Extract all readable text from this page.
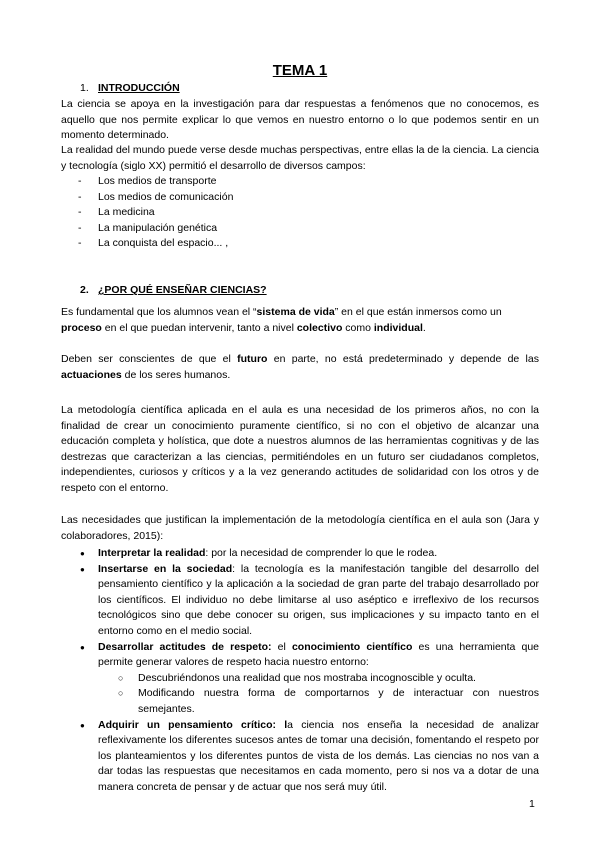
TEMA 1
1. INTRODUCCIÓN

La ciencia se apoya en la investigación para dar respuestas a fenómenos que no conocemos, es aquello que nos permite explicar lo que vemos en nuestro entorno o lo que podemos sentir en un momento determinado.

La realidad del mundo puede verse desde muchas perspectivas, entre ellas la de la ciencia. La ciencia y tecnología (siglo XX) permitió el desarrollo de diversos campos:

- Los medios de transporte
- Los medios de comunicación
- La medicina
- La manipulación genética
- La conquista del espacio... ,
2. ¿POR QUÉ ENSEÑAR CIENCIAS?

Es fundamental que los alumnos vean el “sistema de vida” en el que están inmersos como un proceso en el que puedan intervenir, tanto a nivel colectivo como individual.

Deben ser conscientes de que el futuro en parte, no está predeterminado y depende de las actuaciones de los seres humanos.

La metodología científica aplicada en el aula es una necesidad de los primeros años, no con la finalidad de crear un conocimiento puramente científico, si no con el objetivo de alcanzar una educación completa y holística, que dote a nuestros alumnos de las herramientas cognitivas y de las destrezas que caracterizan a las ciencias, permitiéndoles en un futuro ser ciudadanos completos, independientes, curiosos y críticos y a la vez generando actitudes de solidaridad con los otros y de respeto con el entorno.

Las necesidades que justifican la implementación de la metodología científica en el aula son (Jara y colaboradores, 2015):

● Interpretar la realidad: por la necesidad de comprender lo que le rodea.
● Insertarse en la sociedad: la tecnología es la manifestación tangible del desarrollo del pensamiento científico y la aplicación a la sociedad de gran parte del trabajo desarrollado por los científicos. El individuo no debe limitarse al uso aséptico e irreflexivo de los recursos tecnológicos sino que debe conocer su origen, sus implicaciones y su impacto tanto en el entorno como en el medio social.
● Desarrollar actitudes de respeto: el conocimiento científico es una herramienta que permite generar valores de respeto hacia nuestro entorno:
○ Descubriéndonos una realidad que nos mostraba incognoscible y oculta.
○ Modificando nuestra forma de comportarnos y de interactuar con nuestros semejantes.
● Adquirir un pensamiento crítico: la ciencia nos enseña la necesidad de analizar reflexivamente los diferentes sucesos antes de tomar una decisión, fomentando el respeto por los planteamientos y los diferentes puntos de vista de los demás. Las ciencias no nos van a dar todas las respuestas que necesitamos en cada momento, pero si nos va a dotar de una manera concreta de pensar y de actuar que nos será muy útil.
1
